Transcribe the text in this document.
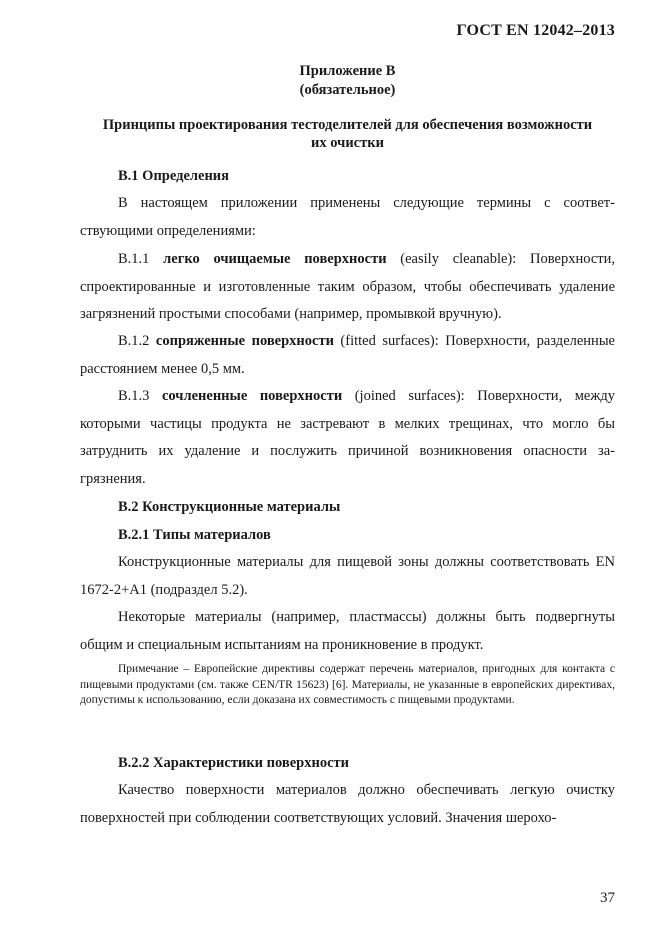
ГОСТ EN 12042–2013
Приложение В
(обязательное)
Принципы проектирования тестоделителей для обеспечения возможности
их очистки
В.1 Определения
В настоящем приложении применены следующие термины с соответствующими определениями:
В.1.1 легко очищаемые поверхности (easily cleanable): Поверхности, спроектированные и изготовленные таким образом, чтобы обеспечивать удаление загрязнений простыми способами (например, промывкой вручную).
В.1.2 сопряженные поверхности (fitted surfaces): Поверхности, разделенные расстоянием менее 0,5 мм.
В.1.3 сочлененные поверхности (joined surfaces): Поверхности, между которыми частицы продукта не застревают в мелких трещинах, что могло бы затруднить их удаление и послужить причиной возникновения опасности загрязнения.
В.2 Конструкционные материалы
В.2.1 Типы материалов
Конструкционные материалы для пищевой зоны должны соответствовать EN 1672-2+A1 (подраздел 5.2).
Некоторые материалы (например, пластмассы) должны быть подвергнуты общим и специальным испытаниям на проникновение в продукт.
Примечание – Европейские директивы содержат перечень материалов, пригодных для контакта с пищевыми продуктами (см. также CEN/TR 15623) [6]. Материалы, не указанные в европейских директивах, допустимы к использованию, если доказана их совместимость с пищевыми продуктами.
В.2.2 Характеристики поверхности
Качество поверхности материалов должно обеспечивать легкую очистку поверхностей при соблюдении соответствующих условий. Значения шерохо-
37
